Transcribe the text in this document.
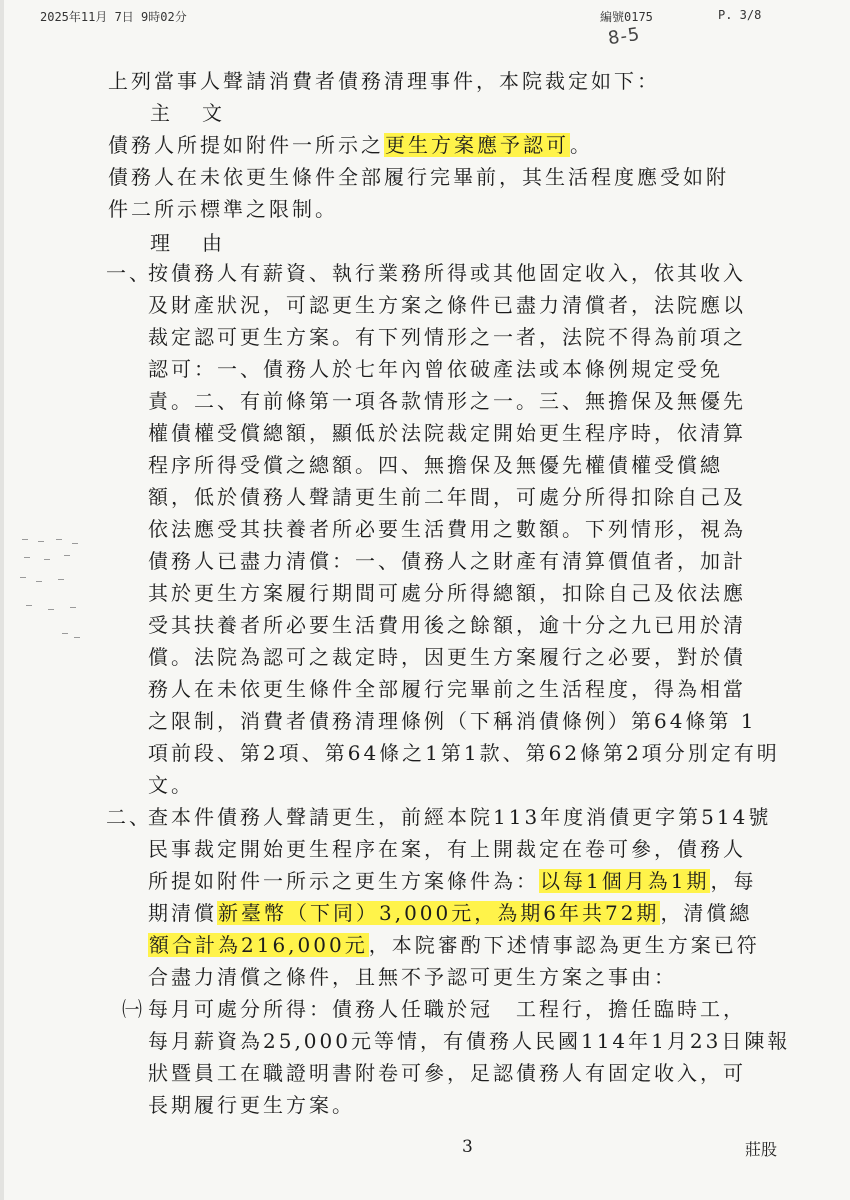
2025年11月 7日 9時02分	編號0175	P. 3/8
8-5
上列當事人聲請消費者債務清理事件，本院裁定如下：
主　文
債務人所提如附件一所示之更生方案應予認可。
債務人在未依更生條件全部履行完畢前，其生活程度應受如附
件二所示標準之限制。
理　由
一、
按債務人有薪資、執行業務所得或其他固定收入，依其收入
及財產狀況，可認更生方案之條件已盡力清償者，法院應以
裁定認可更生方案。有下列情形之一者，法院不得為前項之
認可：一、債務人於七年內曾依破產法或本條例規定受免
責。二、有前條第一項各款情形之一。三、無擔保及無優先
權債權受償總額，顯低於法院裁定開始更生程序時，依清算
程序所得受償之總額。四、無擔保及無優先權債權受償總
額，低於債務人聲請更生前二年間，可處分所得扣除自己及
依法應受其扶養者所必要生活費用之數額。下列情形，視為
債務人已盡力清償：一、債務人之財產有清算價值者，加計
其於更生方案履行期間可處分所得總額，扣除自己及依法應
受其扶養者所必要生活費用後之餘額，逾十分之九已用於清
償。法院為認可之裁定時，因更生方案履行之必要，對於債
務人在未依更生條件全部履行完畢前之生活程度，得為相當
之限制，消費者債務清理條例（下稱消債條例）第64條第 1
項前段、第2項、第64條之1第1款、第62條第2項分別定有明
文。
二、
查本件債務人聲請更生，前經本院113年度消債更字第514號
民事裁定開始更生程序在案，有上開裁定在卷可參，債務人
所提如附件一所示之更生方案條件為：以每1個月為1期，每
期清償新臺幣（下同）3,000元，為期6年共72期，清償總
額合計為216,000元，本院審酌下述情事認為更生方案已符
合盡力清償之條件，且無不予認可更生方案之事由：
㈠ 每月可處分所得：債務人任職於冠　工程行，擔任臨時工，
每月薪資為25,000元等情，有債務人民國114年1月23日陳報
狀暨員工在職證明書附卷可參，足認債務人有固定收入，可
長期履行更生方案。
3	莊股
